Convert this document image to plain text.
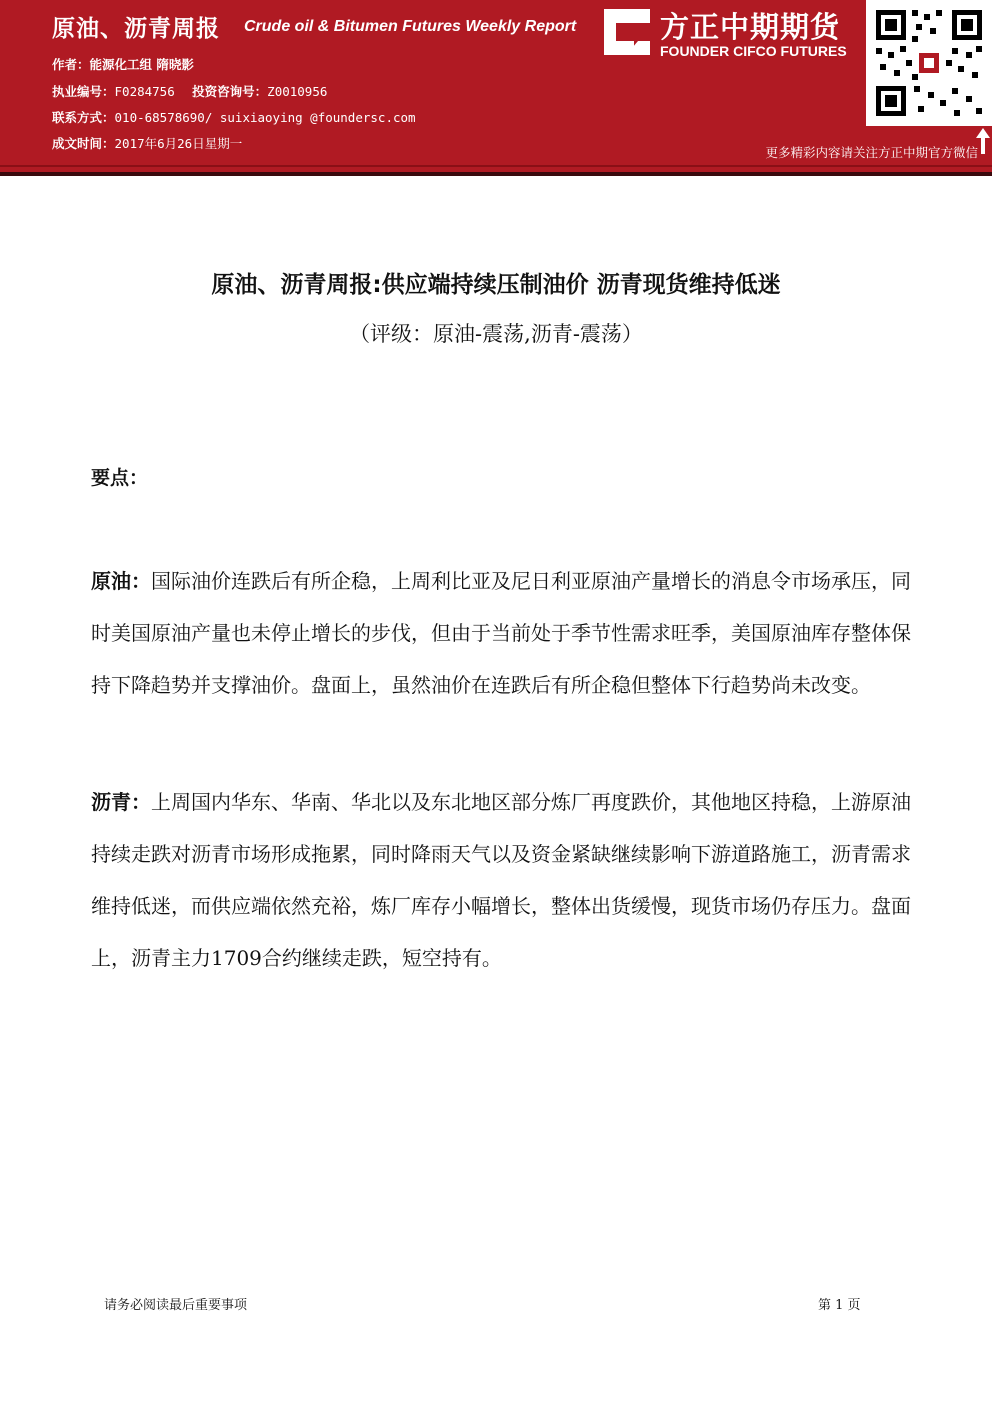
原油、沥青周报 Crude oil & Bitumen Futures Weekly Report
作者：能源化工组 隋晓影
执业编号：F0284756 投资咨询号：Z0010956
联系方式：010-68578690/ suixiaoying @foundersc.com
成文时间：2017年6月26日星期一
方正中期期货
FOUNDER CIFCO FUTURES
更多精彩内容请关注方正中期官方微信
原油、沥青周报:供应端持续压制油价 沥青现货维持低迷
（评级：原油-震荡,沥青-震荡）
要点：
原油：国际油价连跌后有所企稳，上周利比亚及尼日利亚原油产量增长的消息令市场承压，同时美国原油产量也未停止增长的步伐，但由于当前处于季节性需求旺季，美国原油库存整体保持下降趋势并支撑油价。盘面上，虽然油价在连跌后有所企稳但整体下行趋势尚未改变。
沥青：上周国内华东、华南、华北以及东北地区部分炼厂再度跌价，其他地区持稳，上游原油持续走跌对沥青市场形成拖累，同时降雨天气以及资金紧缺继续影响下游道路施工，沥青需求维持低迷，而供应端依然充裕，炼厂库存小幅增长，整体出货缓慢，现货市场仍存压力。盘面上，沥青主力1709合约继续走跌，短空持有。
请务必阅读最后重要事项	第 1 页
